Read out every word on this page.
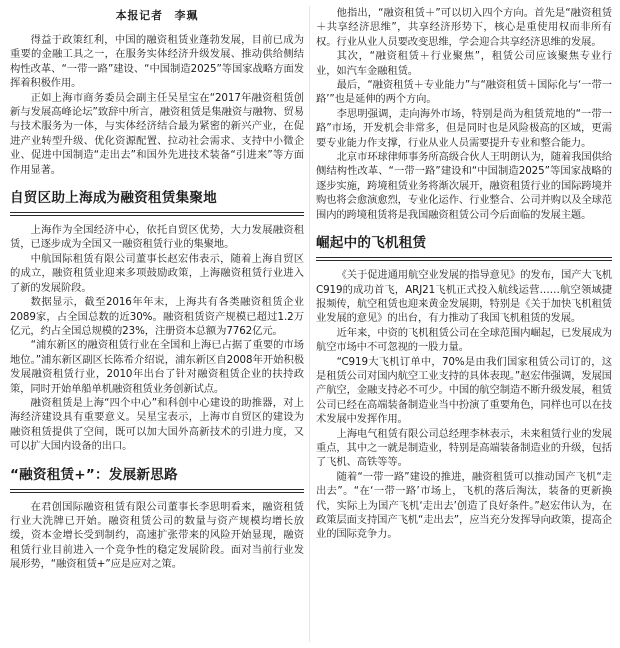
本报记者　李珮

得益于政策红利，中国的融资租赁业蓬勃发展，目前已成为重要的金融工具之一，在服务实体经济升级发展、推动供给侧结构性改革、“一带一路”建设、“中国制造2025”等国家战略方面发挥着积极作用。

正如上海市商务委员会副主任吴星宝在“2017年融资租赁创新与发展高峰论坛”致辞中所言，融资租赁是集融资与融物、贸易与技术服务为一体，与实体经济结合最为紧密的新兴产业，在促进产业转型升级、优化资源配置、拉动社会需求、支持中小微企业、促进中国制造“走出去”和国外先进技术装备“引进来”等方面作用显著。

自贸区助上海成为融资租赁集聚地

上海作为全国经济中心，依托自贸区优势，大力发展融资租赁，已逐步成为全国又一融资租赁行业的集聚地。

中航国际租赁有限公司董事长赵宏伟表示，随着上海自贸区的成立，融资租赁业迎来多项鼓励政策，上海融资租赁行业进入了新的发展阶段。

数据显示，截至2016年年末，上海共有各类融资租赁企业2089家，占全国总数的近30%。融资租赁资产规模已超过1.2万亿元，约占全国总规模的23%，注册资本总额为7762亿元。

“浦东新区的融资租赁行业在全国和上海已占据了重要的市场地位。”浦东新区副区长陈希介绍说，浦东新区自2008年开始积极发展融资租赁行业，2010年出台了针对融资租赁企业的扶持政策，同时开始单船单机融资租赁业务创新试点。

融资租赁是上海“四个中心”和科创中心建设的助推器，对上海经济建设具有重要意义。吴星宝表示，上海市自贸区的建设为融资租赁提供了空间，既可以加大国外高新技术的引进力度，又可以扩大国内设备的出口。

“融资租赁+”：发展新思路

在君创国际融资租赁有限公司董事长李思明看来，融资租赁行业大洗牌已开始。融资租赁公司的数量与资产规模均增长放缓，资本金增长受到制约，高速扩张带来的风险开始显现，融资租赁行业目前进入一个竞争性的稳定发展阶段。面对当前行业发展形势，“融资租赁+”应是应对之策。

他指出，“融资租赁＋”可以切入四个方向。首先是“融资租赁＋共享经济思维”，共享经济形势下，核心是重使用权而非所有权。行业从业人员要改变思维，学会迎合共享经济思维的发展。

其次，“融资租赁＋行业聚焦”，租赁公司应该聚焦专业行业，如汽车金融租赁。

最后，“融资租赁＋专业能力”与“融资租赁＋国际化与‘一带一路’”也是延伸的两个方向。

李思明强调，走向海外市场，特别是尚为租赁荒地的“一带一路”市场，开发机会非常多，但是同时也是风险极高的区域，更需要专业能力作支撑，行业从业人员需要提升专业和整合能力。

北京市环球律师事务所高级合伙人王明朗认为，随着我国供给侧结构性改革、“一带一路”建设和“中国制造2025”等国家战略的逐步实施，跨境租赁业务将渐次展开，融资租赁行业的国际跨境并购也将会愈演愈烈，专业化运作、行业整合、公司并购以及全球范围内的跨境租赁将是我国融资租赁公司今后面临的发展主题。

崛起中的飞机租赁

《关于促进通用航空业发展的指导意见》的发布，国产大飞机C919的成功首飞，ARJ21飞机正式投入航线运营……航空领域捷报频传，航空租赁也迎来黄金发展期，特别是《关于加快飞机租赁业发展的意见》的出台，有力推动了我国飞机租赁的发展。

近年来，中资的飞机租赁公司在全球范围内崛起，已发展成为航空市场中不可忽视的一股力量。

“C919大飞机订单中，70%是由我们国家租赁公司订的，这是租赁公司对国内航空工业支持的具体表现。”赵宏伟强调，发展国产航空，金融支持必不可少。中国的航空制造不断升级发展，租赁公司已经在高端装备制造业当中扮演了重要角色，同样也可以在技术发展中发挥作用。

上海电气租赁有限公司总经理李林表示，未来租赁行业的发展重点，其中之一就是制造业，特别是高端装备制造业的升级，包括了飞机、高铁等等。

随着“一带一路”建设的推进，融资租赁可以推动国产飞机“走出去”。“在‘一带一路’市场上，飞机的落后淘汰，装备的更新换代，实际上为国产飞机‘走出去’创造了良好条件。”赵宏伟认为，在政策层面支持国产飞机“走出去”，应当充分发挥导向政策，提高企业的国际竞争力。
